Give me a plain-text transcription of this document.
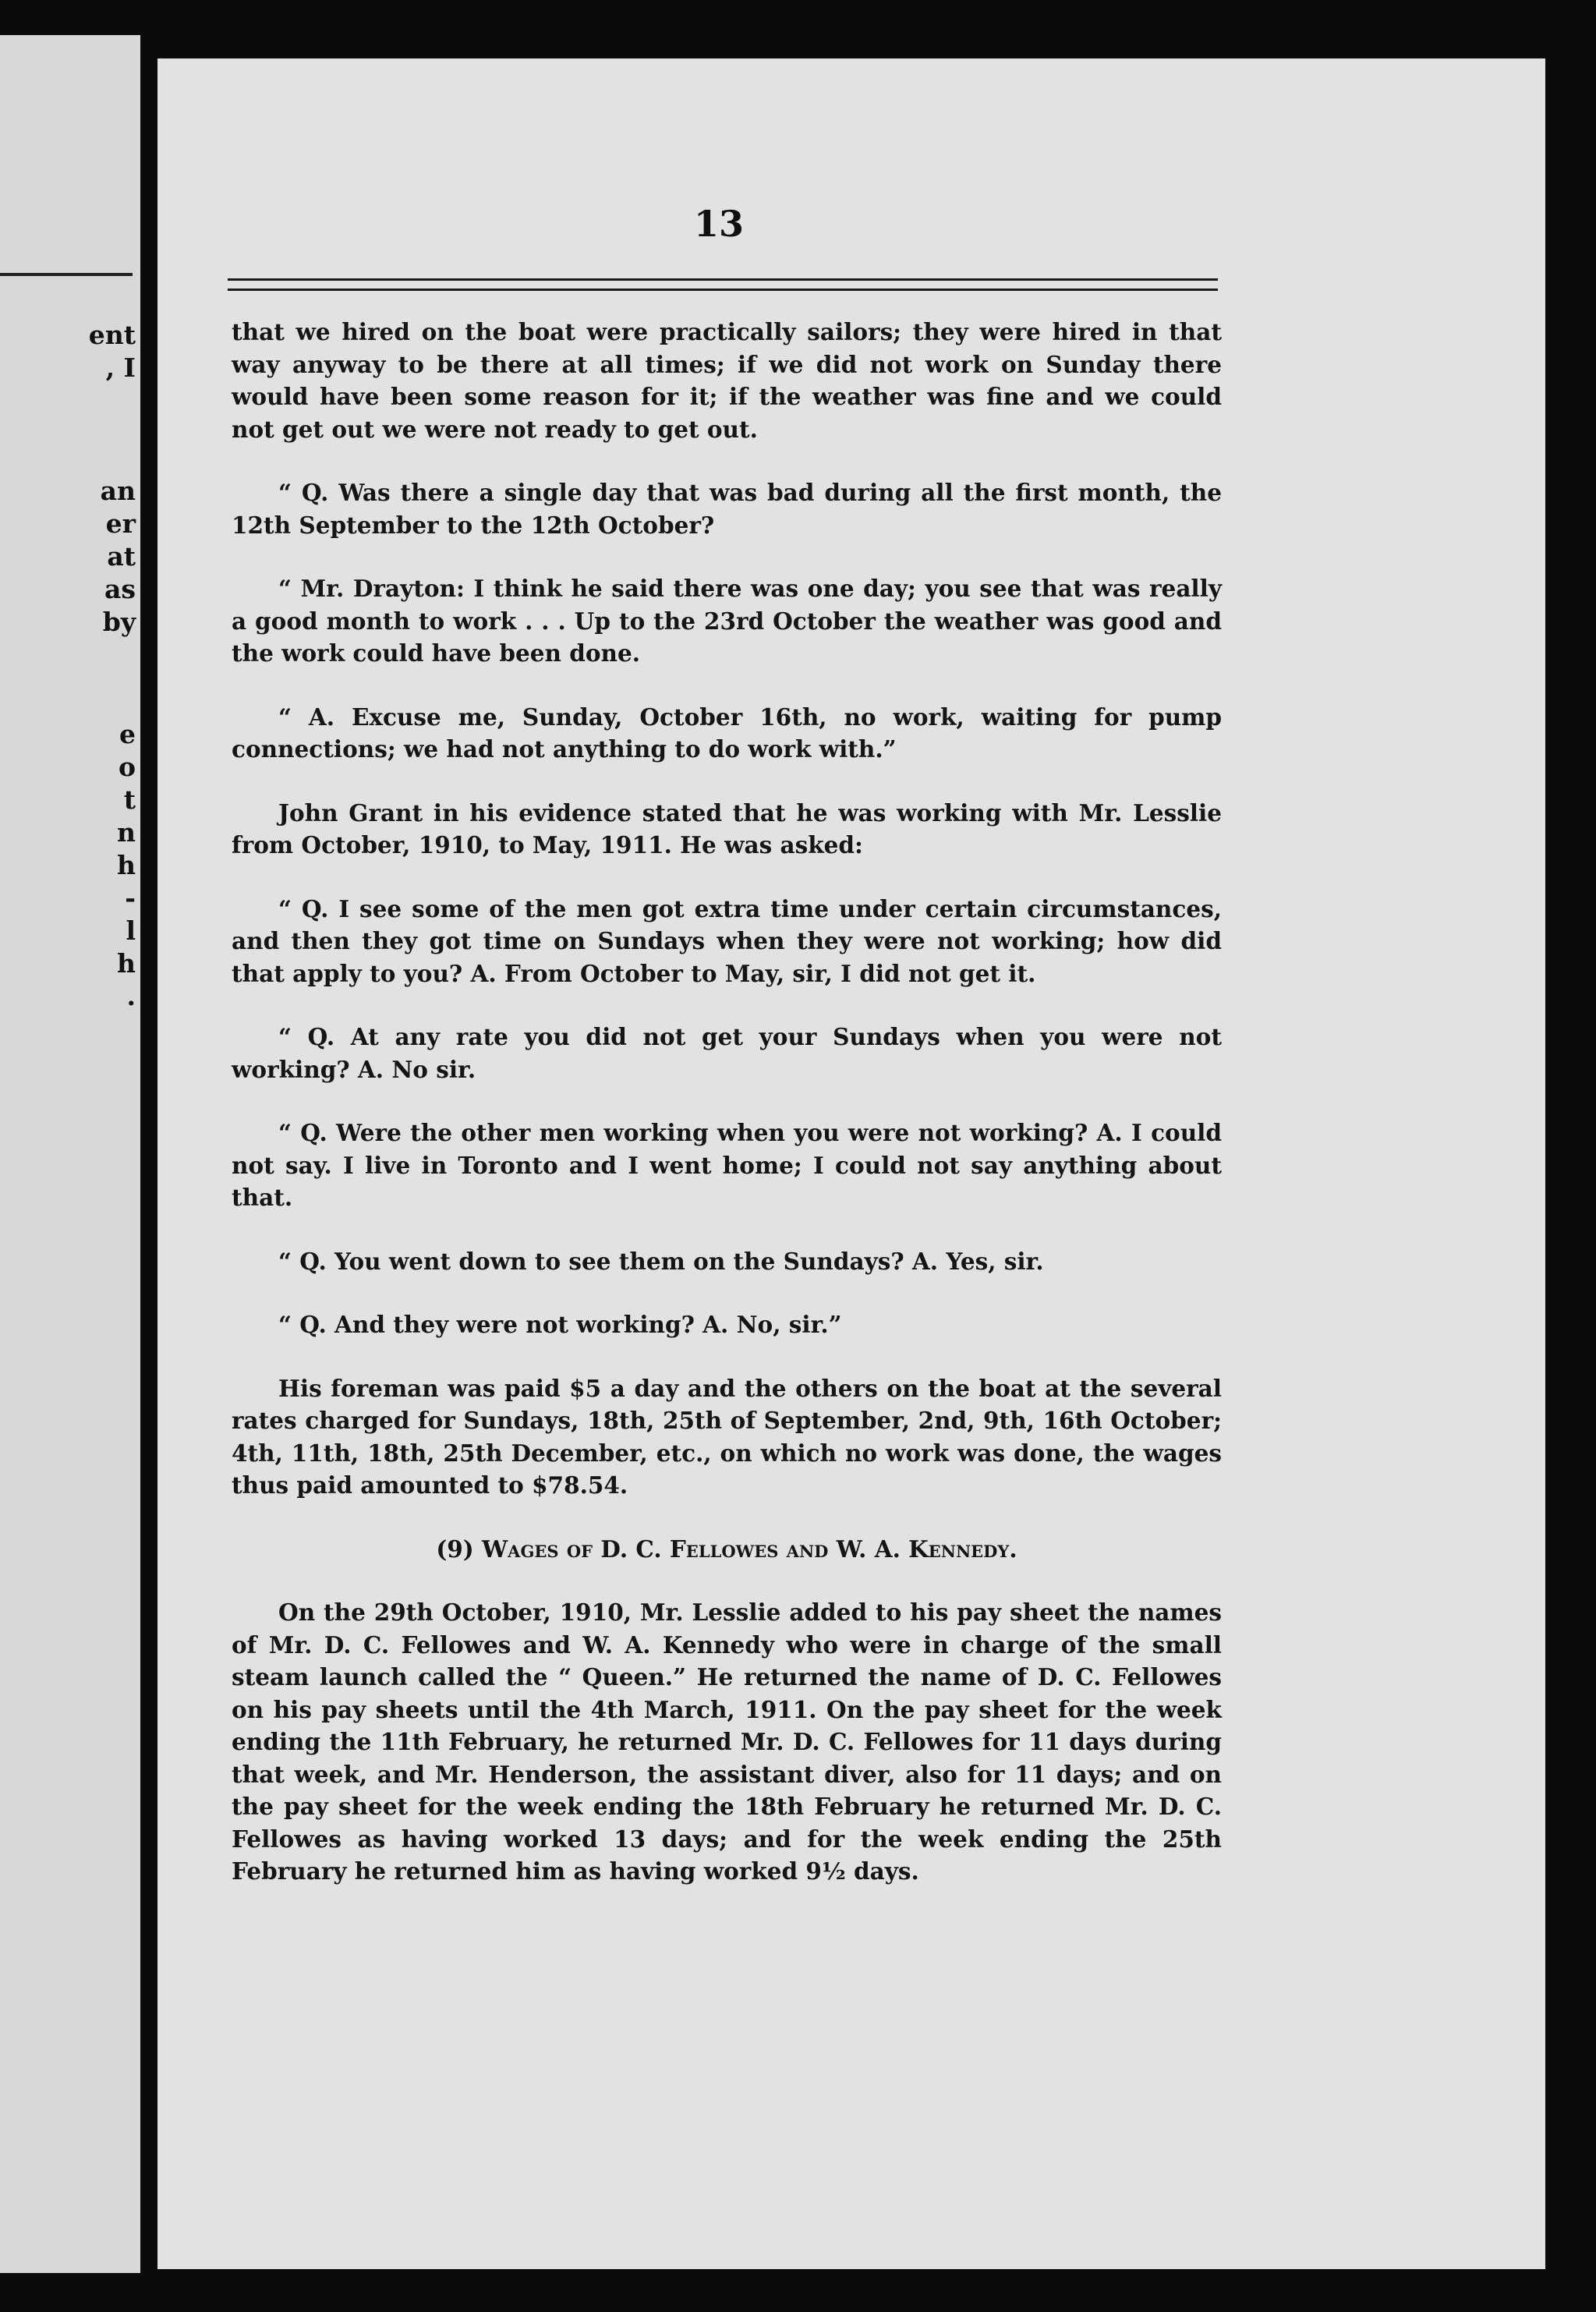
ent
, I
an
er
at
as
by
e
o
t
n
h
-
l
h
.
13

that we hired on the boat were practically sailors; they were hired in that way anyway to be there at all times; if we did not work on Sunday there would have been some reason for it; if the weather was fine and we could not get out we were not ready to get out.

“ Q. Was there a single day that was bad during all the first month, the 12th September to the 12th October?

“ Mr. Drayton: I think he said there was one day; you see that was really a good month to work . . . Up to the 23rd October the weather was good and the work could have been done.

“ A. Excuse me, Sunday, October 16th, no work, waiting for pump connections; we had not anything to do work with.”

John Grant in his evidence stated that he was working with Mr. Lesslie from October, 1910, to May, 1911. He was asked:

“ Q. I see some of the men got extra time under certain circumstances, and then they got time on Sundays when they were not working; how did that apply to you? A. From October to May, sir, I did not get it.

“ Q. At any rate you did not get your Sundays when you were not working? A. No sir.

“ Q. Were the other men working when you were not working? A. I could not say. I live in Toronto and I went home; I could not say anything about that.

“ Q. You went down to see them on the Sundays? A. Yes, sir.

“ Q. And they were not working? A. No, sir.”

His foreman was paid $5 a day and the others on the boat at the several rates charged for Sundays, 18th, 25th of September, 2nd, 9th, 16th October; 4th, 11th, 18th, 25th December, etc., on which no work was done, the wages thus paid amounted to $78.54.

(9) Wages of D. C. Fellowes and W. A. Kennedy.

On the 29th October, 1910, Mr. Lesslie added to his pay sheet the names of Mr. D. C. Fellowes and W. A. Kennedy who were in charge of the small steam launch called the “ Queen.” He returned the name of D. C. Fellowes on his pay sheets until the 4th March, 1911. On the pay sheet for the week ending the 11th February, he returned Mr. D. C. Fellowes for 11 days during that week, and Mr. Henderson, the assistant diver, also for 11 days; and on the pay sheet for the week ending the 18th February he returned Mr. D. C. Fellowes as having worked 13 days; and for the week ending the 25th February he returned him as having worked 9½ days.
